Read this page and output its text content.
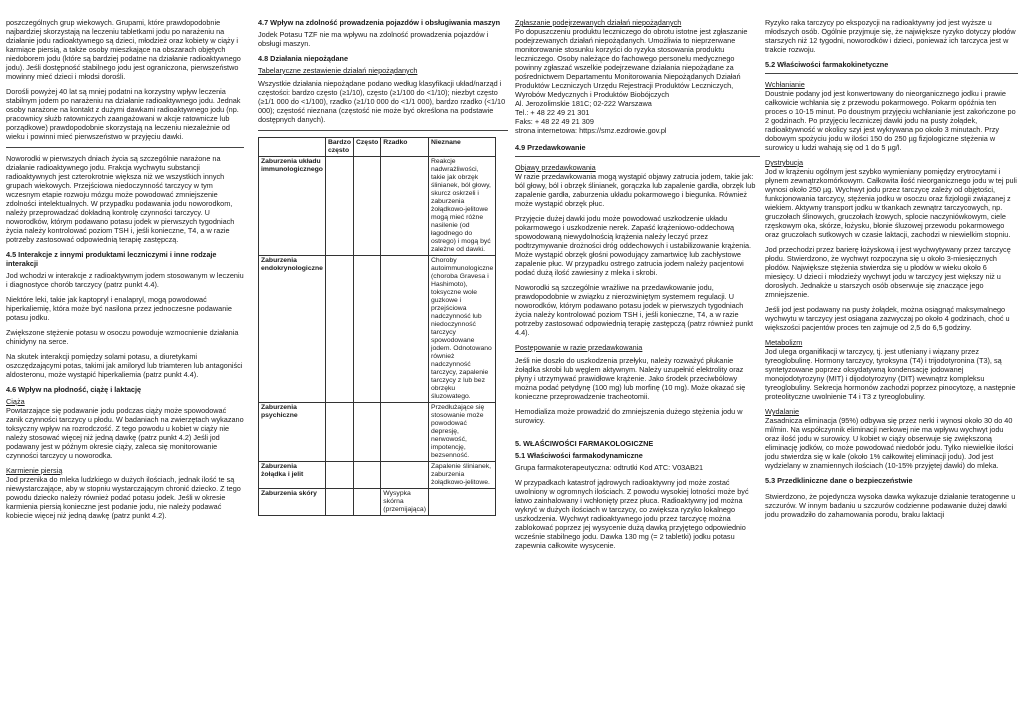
poszczególnych grup wiekowych. Grupami, które prawdopodobnie najbardziej skorzystają na leczeniu tabletkami jodu po narażeniu na działanie jodu radioaktywnego są dzieci, młodzież oraz kobiety w ciąży i karmiące piersią, a także osoby mieszkające na obszarach objętych niedoborem jodu (które są bardziej podatne na działanie radioaktywnego jodu). Jeśli dostępność stabilnego jodu jest ograniczona, pierwszeństwo mowinny mieć dzieci i młodsi dorośli.

Dorośli powyżej 40 lat są mniej podatni na korzystny wpływ leczenia stabilnym jodem po narażeniu na działanie radioaktywnego jodu. Jednak osoby narażone na kontakt z dużymi dawkami radioaktywnego jodu (np. pracownicy służb ratowniczych zaangażowani w akcje ratownicze lub porządkowe) prawdopodobnie skorzystają na leczeniu niezależnie od wieku i powinni mieć pierwszeństwo w przyjęciu dawki.

Noworodki w pierwszych dniach życia są szczególnie narażone na działanie radioaktywnego jodu. Frakcja wychwytu substancji radioaktywnych jest czterokrotnie większa niż we wszystkich innych grupach wiekowych. Przejściowa niedoczynność tarczycy w tym wczesnym etapie rozwoju mózgu może powodować zmniejszenie zdolności intelektualnych. W przypadku podawania jodu noworodkom, należy przeprowadzać dokładną kontrolę czynności tarczycy. U noworodków, którym podawano potasu jodek w pierwszych tygodniach życia należy kontrolować poziom TSH i, jeśli konieczne, T4, a w razie potrzeby zastosować odpowiednią terapię zastępczą.

4.5 Interakcje z innymi produktami leczniczymi i inne rodzaje interakcji

Jod wchodzi w interakcje z radioaktywnym jodem stosowanym w leczeniu i diagnostyce chorób tarczycy (patrz punkt 4.4).

Niektóre leki, takie jak kaptopryl i enalapryl, mogą powodować hiperkaliemię, która może być nasilona przez jednoczesne podawanie potasu jodku.

Zwiększone stężenie potasu w osoczu powoduje wzmocnienie działania chinidyny na serce.

Na skutek interakcji pomiędzy solami potasu, a diuretykami oszczędzającymi potas, takimi jak amiloryd lub triamteren lub antagoniści aldosteronu, może wystąpić hiperkaliemia (patrz punkt 4.4).

4.6 Wpływ na płodność, ciążę i laktację

Ciąża

Powtarzające się podawanie jodu podczas ciąży może spowodować zanik czynności tarczycy u płodu. W badaniach na zwierzętach wykazano toksyczny wpływ na rozrodczość. Z tego powodu u kobiet w ciąży nie należy stosować więcej niż jedną dawkę (patrz punkt 4.2) Jeśli jod podawany jest w późnym okresie ciąży, zaleca się monitorowanie czynności tarczycy u noworodka.

Karmienie piersią

Jod przenika do mleka ludzkiego w dużych ilościach, jednak ilość te są niewystarczające, aby w stopniu wystarczającym chronić dziecko. Z tego powodu dziecko należy również podać potasu jodek. Jeśli w okresie karmienia piersią konieczne jest podanie jodu, nie należy podawać kobiecie więcej niż jedną dawkę (patrz punkt 4.2).

4.7 Wpływ na zdolność prowadzenia pojazdów i obsługiwania maszyn

Jodek Potasu TZF nie ma wpływu na zdolność prowadzenia pojazdów i obsługi maszyn.

4.8 Działania niepożądane

Tabelaryczne zestawienie działań niepożądanych

Wszystkie działania niepożądane podano według klasyfikacji układ/narząd i częstości: bardzo często (≥1/10), często (≥1/100 do <1/10); niezbyt często (≥1/1 000 do <1/100), rzadko (≥1/10 000 do <1/1 000), bardzo rzadko (<1/10 000); częstość nieznana (częstość nie może być określona na podstawie dostępnych danych).

	Bardzo często	Często	Rzadko	Nieznane
Zaburzenia układu immunologicznego				Reakcje nadwrażliwości, takie jak obrzęk ślinianek, ból głowy, skurcz oskrzeli i zaburzenia żołądkowo-jelitowe mogą mieć różne nasilenie (od łagodnego do ostrego) i mogą być zależne od dawki.
Zaburzenia endokrynologiczne				Choroby autoimmunologiczne (choroba Gravesa i Hashimoto), toksyczne wole guzkowe i przejściowa nadczynność lub niedoczynność tarczycy spowodowane jodem. Odnotowano również nadczynność tarczycy, zapalenie tarczycy z lub bez obrzęku śluzowatego.
Zaburzenia psychiczne				Przedłużające się stosowanie może powodować depresję, nerwowość, impotencję, bezsenność.
Zaburzenia żołądka i jelit				Zapalenie ślinianek, zaburzenia żołądkowo-jelitowe.
Zaburzenia skóry			Wysypka skórna (przemijająca)	

Zgłaszanie podejrzewanych działań niepożądanych

Po dopuszczeniu produktu leczniczego do obrotu istotne jest zgłaszanie podejrzewanych działań niepożądanych. Umożliwia to nieprzerwane monitorowanie stosunku korzyści do ryzyka stosowania produktu leczniczego. Osoby należące do fachowego personelu medycznego powinny zgłaszać wszelkie podejrzewane działania niepożądane za pośrednictwem Departamentu Monitorowania Niepożądanych Działań Produktów Leczniczych Urzędu Rejestracji Produktów Leczniczych, Wyrobów Medycznych i Produktów Biobójczych

Al. Jerozolimskie 181C; 02-222 Warszawa

Tel.: + 48 22 49 21 301

Faks: + 48 22 49 21 309

strona internetowa: https://smz.ezdrowie.gov.pl

4.9 Przedawkowanie

Objawy przedawkowania

W razie przedawkowania mogą wystąpić objawy zatrucia jodem, takie jak: ból głowy, ból i obrzęk ślinianek, gorączka lub zapalenie gardła, obrzęk lub zapalenie gardła, zaburzenia układu pokarmowego i biegunka. Również może wystąpić obrzęk płuc.

Przyjęcie dużej dawki jodu może powodować uszkodzenie układu pokarmowego i uszkodzenie nerek. Zapaść krążeniowo-oddechową spowodowaną niewydolnością krążenia należy leczyć przez podtrzymywanie drożności dróg oddechowych i ustabilizowanie krążenia. Może wystąpić obrzęk głośni powodujący zamartwicę lub zachłystowe zapalenie płuc. W przypadku ostrego zatrucia jodem należy pacjentowi podać dużą ilość zawiesiny z mleka i skrobi.

Noworodki są szczególnie wrażliwe na przedawkowanie jodu, prawdopodobnie w związku z nierozwiniętym systemem regulacji. U noworodków, którym podawano potasu jodek w pierwszych tygodniach życia należy kontrolować poziom TSH i, jeśli konieczne, T4, a w razie potrzeby zastosować odpowiednią terapię zastępczą (patrz również punkt 4.4).

Postępowanie w razie przedawkowania

Jeśli nie doszło do uszkodzenia przełyku, należy rozważyć płukanie żołądka skrobi lub węglem aktywnym. Należy uzupełnić elektrolity oraz płyny i utrzymywać prawidłowe krążenie. Jako środek przeciwbólowy można podać petydynę (100 mg) lub morfinę (10 mg). Może okazać się konieczne przeprowadzenie tracheotomii.

Hemodializa może prowadzić do zmniejszenia dużego stężenia jodu w surowicy.

5. WŁAŚCIWOŚCI FARMAKOLOGICZNE
5.1 Właściwości farmakodynamiczne

Grupa farmakoterapeutyczna: odtrutki Kod ATC: V03AB21

W przypadkach katastrof jądrowych radioaktywny jod może zostać uwolniony w ogromnych ilościach. Z powodu wysokiej lotności może być łatwo zainhalowany i wchłonięty przez płuca. Radioaktywny jod można wykryć w dużych ilościach w tarczycy, co zwiększa ryzyko lokalnego uszkodzenia. Wychwyt radioaktywnego jodu przez tarczycę można zablokować poprzez jej wysycenie dużą dawką przyjętego odpowiednio wcześnie stabilnego jodu. Dawka 130 mg (= 2 tabletki) jodku potasu zapewnia całkowite wysycenie.

Ryzyko raka tarczycy po ekspozycji na radioaktywny jod jest wyższe u młodszych osób. Ogólnie przyjmuje się, że największe ryzyko dotyczy płodów starszych niż 12 tygodni, noworodków i dzieci, ponieważ ich tarczyca jest w trakcie rozwoju.

5.2 Właściwości farmakokinetyczne

Wchłanianie

Doustnie podany jod jest konwertowany do nieorganicznego jodku i prawie całkowicie wchłania się z przewodu pokarmowego. Pokarm opóźnia ten proces o 10-15 minut. Po doustnym przyjęciu wchłanianie jest zakończone po 2 godzinach. Po przyjęciu leczniczej dawki jodu na pusty żołądek, radioaktywność w okolicy szyi jest wykrywana po około 3 minutach. Przy dobowym spożyciu jodu w ilości 150 do 250 µg fizjologiczne stężenia w surowicy u ludzi wahają się od 1 do 5 µg/l.

Dystrybucja

Jod w krążeniu ogólnym jest szybko wymieniany pomiędzy erytrocytami i płynem zewnątrzkomórkowym. Całkowita ilość nieorganicznego jodu w tej puli wynosi około 250 µg. Wychwyt jodu przez tarczycę zależy od objętości, funkcjonowania tarczycy, stężenia jodku w osoczu oraz fizjologii związanej z wiekiem. Aktywny transport jodku w tkankach zewnątrz tarczycowych, np. gruczołach ślinowych, gruczołach łzowych, splocie naczyniówkowym, ciele rzęskowym oka, skórze, łożysku, błonie śluzowej przewodu pokarmowego oraz gruczołach sutkowych w czasie laktacji, zachodzi w niewielkim stopniu.

Jod przechodzi przez barierę łożyskową i jest wychwytywany przez tarczycę płodu. Stwierdzono, że wychwyt rozpoczyna się u około 3-miesięcznych płodów. Największe stężenia stwierdza się u płodów w wieku około 6 miesięcy. U dzieci i młodzieży wychwyt jodu w tarczycy jest większy niż u dorosłych. Jednakże u starszych osób obserwuje się znaczące jego zmniejszenie.

Jeśli jod jest podawany na pusty żołądek, można osiągnąć maksymalnego wychwytu w tarczycy jest osiągana zazwyczaj po około 4 godzinach, choć u większości pacjentów proces ten zajmuje od 2,5 do 6,5 godziny.

Metabolizm

Jod ulega organifikacji w tarczycy, tj. jest utleniany i wiązany przez tyreoglobulinę. Hormony tarczycy, tyroksyna (T4) i trijodotyronina (T3), są syntetyzowane poprzez oksydatywną kondensację jodowanej monojodotyrozyny (MIT) i dijodotyrozyny (DIT) wewnątrz kompleksu tyreoglobuliny. Sekrecja hormonów zachodzi poprzez pinocytozę, a następnie proteolityczne uwolnienie T4 i T3 z tyreoglobuliny.

Wydalanie

Zasadnicza eliminacja (95%) odbywa się przez nerki i wynosi około 30 do 40 ml/min. Na współczynnik eliminacji nerkowej nie ma wpływu wychwyt jodu oraz ilość jodu w surowicy. U kobiet w ciąży obserwuje się zwiększoną eliminację jodków, co może powodować niedobór jodu. Tylko niewielkie ilości jodu stwierdza się w kale (około 1% całkowitej eliminacji jodu). Jod jest wydzielany w znamiennych ilościach (10-15% przyjętej dawki) do mleka.

5.3 Przedkliniczne dane o bezpieczeństwie

Stwierdzono, że pojedyncza wysoka dawka wykazuje działanie teratogenne u szczurów. W innym badaniu u szczurów codzienne podawanie dużej dawki jodu prowadziło do zahamowania porodu, braku laktacji
